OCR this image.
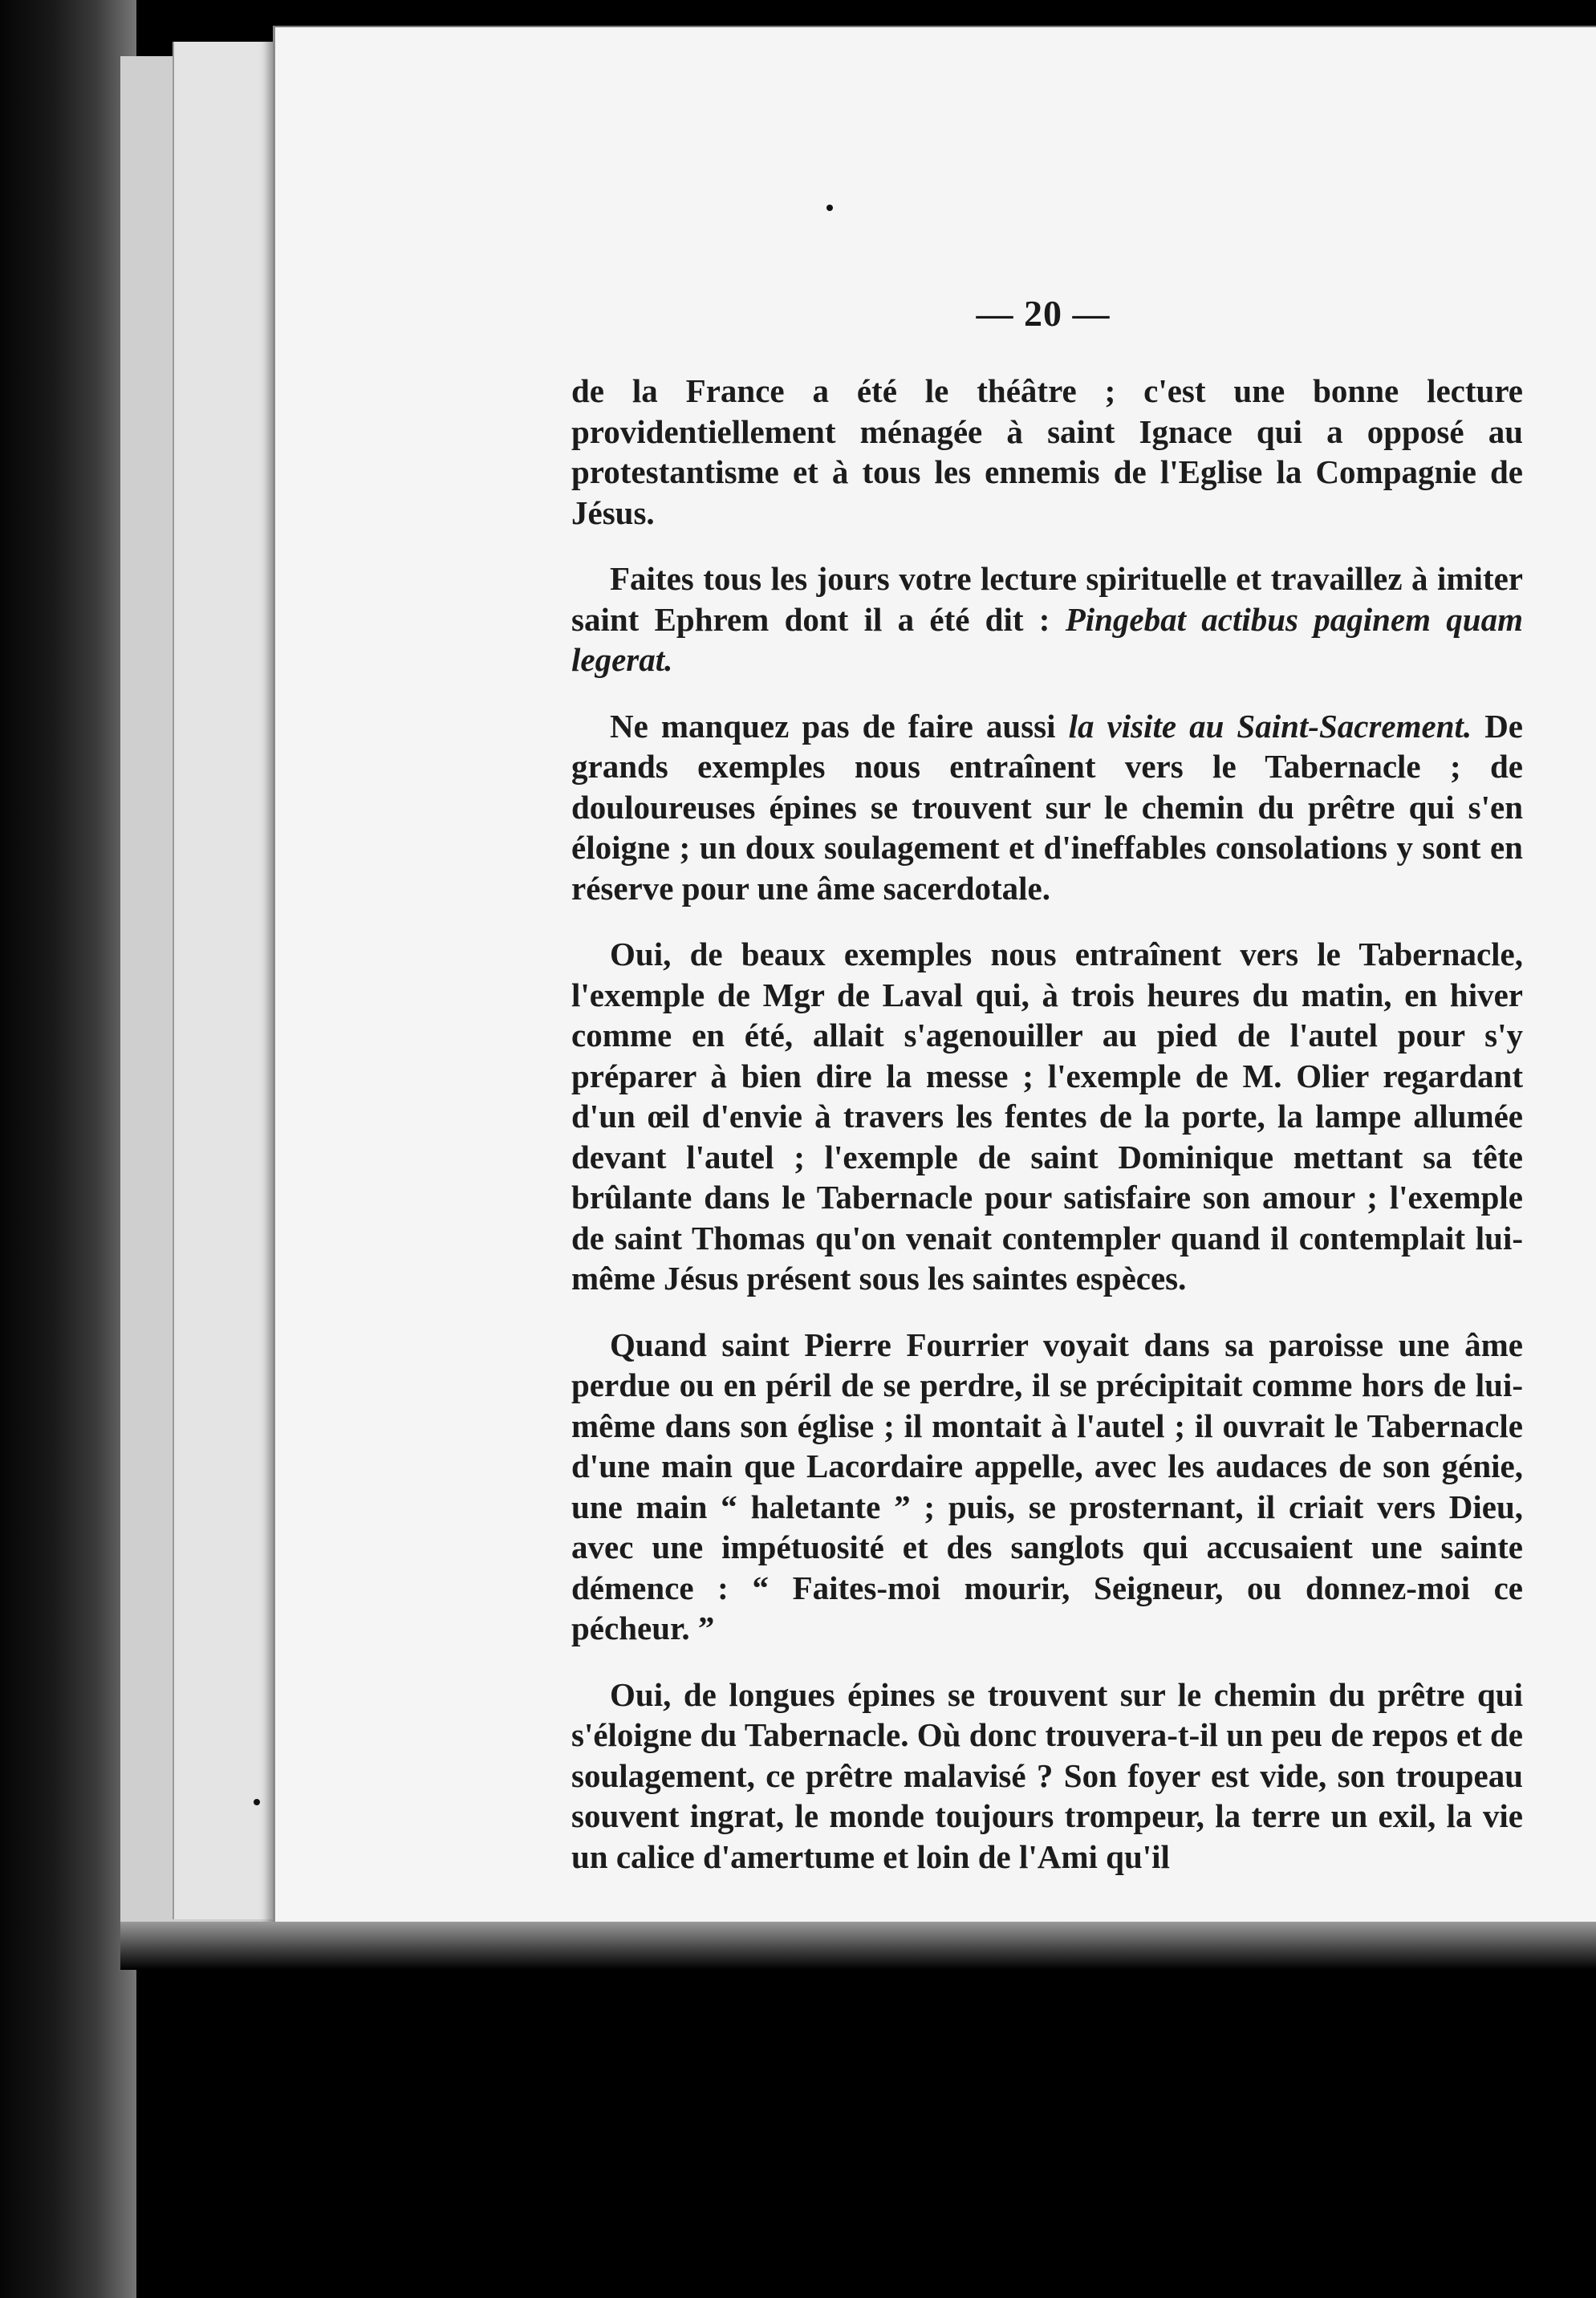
— 20 —

de la France a été le théâtre ; c'est une bonne lecture providentiellement ménagée à saint Ignace qui a opposé au protestantisme et à tous les ennemis de l'Eglise la Compagnie de Jésus.

Faites tous les jours votre lecture spirituelle et travaillez à imiter saint Ephrem dont il a été dit : Pingebat actibus paginem quam legerat.

Ne manquez pas de faire aussi la visite au Saint-Sacrement. De grands exemples nous entraînent vers le Tabernacle ; de douloureuses épines se trouvent sur le chemin du prêtre qui s'en éloigne ; un doux soulagement et d'ineffables consolations y sont en réserve pour une âme sacerdotale.

Oui, de beaux exemples nous entraînent vers le Tabernacle, l'exemple de Mgr de Laval qui, à trois heures du matin, en hiver comme en été, allait s'agenouiller au pied de l'autel pour s'y préparer à bien dire la messe ; l'exemple de M. Olier regardant d'un œil d'envie à travers les fentes de la porte, la lampe allumée devant l'autel ; l'exemple de saint Dominique mettant sa tête brûlante dans le Tabernacle pour satisfaire son amour ; l'exemple de saint Thomas qu'on venait contempler quand il contemplait lui-même Jésus présent sous les saintes espèces.

Quand saint Pierre Fourrier voyait dans sa paroisse une âme perdue ou en péril de se perdre, il se précipitait comme hors de lui-même dans son église ; il montait à l'autel ; il ouvrait le Tabernacle d'une main que Lacordaire appelle, avec les audaces de son génie, une main “ haletante ” ; puis, se prosternant, il criait vers Dieu, avec une impétuosité et des sanglots qui accusaient une sainte démence : “ Faites-moi mourir, Seigneur, ou donnez-moi ce pécheur. ”

Oui, de longues épines se trouvent sur le chemin du prêtre qui s'éloigne du Tabernacle. Où donc trouvera-t-il un peu de repos et de soulagement, ce prêtre malavisé ? Son foyer est vide, son troupeau souvent ingrat, le monde toujours trompeur, la terre un exil, la vie un calice d'amertume et loin de l'Ami qu'il
